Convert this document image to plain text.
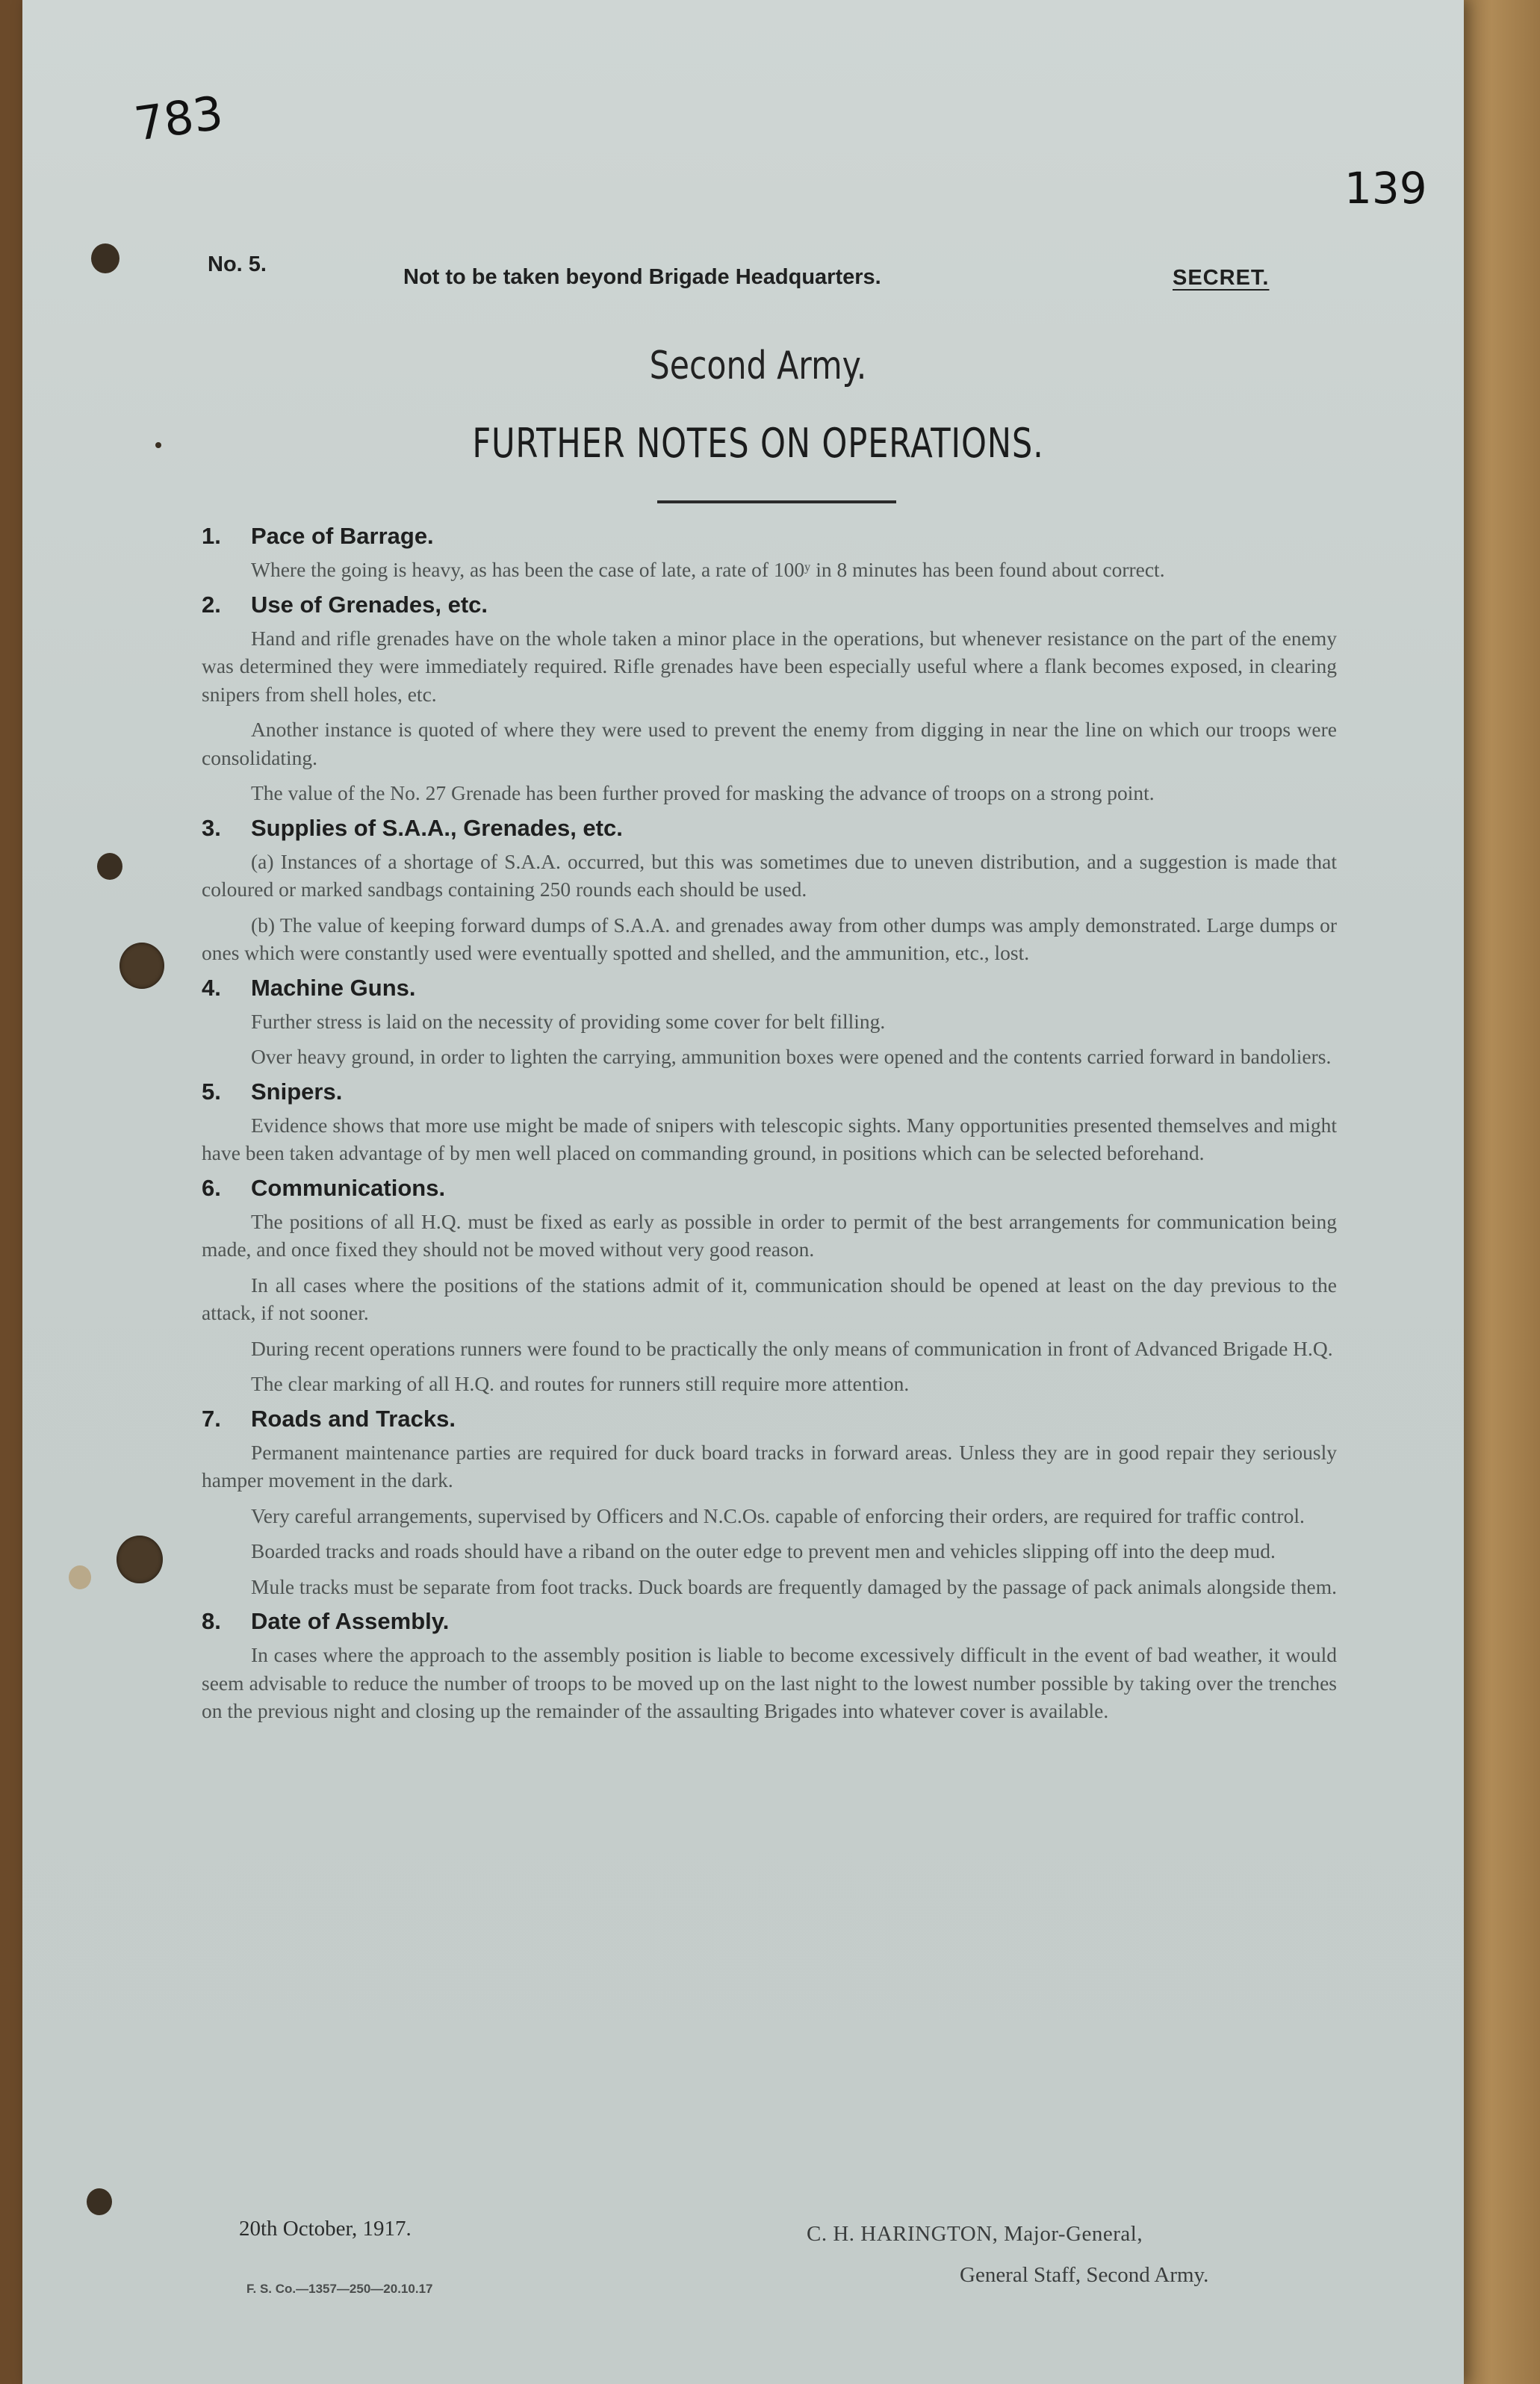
783
139
No. 5.
Not to be taken beyond Brigade Headquarters.	SECRET.
Second Army.
FURTHER NOTES ON OPERATIONS.
1.	Pace of Barrage.

Where the going is heavy, as has been the case of late, a rate of 100ʸ in 8 minutes has been found about correct.

2.	Use of Grenades, etc.

Hand and rifle grenades have on the whole taken a minor place in the operations, but whenever resistance on the part of the enemy was determined they were immediately required. Rifle grenades have been especially useful where a flank becomes exposed, in clearing snipers from shell holes, etc.

Another instance is quoted of where they were used to prevent the enemy from digging in near the line on which our troops were consolidating.

The value of the No. 27 Grenade has been further proved for masking the advance of troops on a strong point.

3.	Supplies of S.A.A., Grenades, etc.

(a) Instances of a shortage of S.A.A. occurred, but this was sometimes due to uneven distribution, and a suggestion is made that coloured or marked sandbags containing 250 rounds each should be used.

(b) The value of keeping forward dumps of S.A.A. and grenades away from other dumps was amply demonstrated. Large dumps or ones which were constantly used were eventually spotted and shelled, and the ammunition, etc., lost.

4.	Machine Guns.

Further stress is laid on the necessity of providing some cover for belt filling.

Over heavy ground, in order to lighten the carrying, ammunition boxes were opened and the contents carried forward in bandoliers.

5.	Snipers.

Evidence shows that more use might be made of snipers with telescopic sights. Many opportunities presented themselves and might have been taken advantage of by men well placed on commanding ground, in positions which can be selected beforehand.

6.	Communications.

The positions of all H.Q. must be fixed as early as possible in order to permit of the best arrangements for communication being made, and once fixed they should not be moved without very good reason.

In all cases where the positions of the stations admit of it, communication should be opened at least on the day previous to the attack, if not sooner.

During recent operations runners were found to be practically the only means of communication in front of Advanced Brigade H.Q.

The clear marking of all H.Q. and routes for runners still require more attention.

7.	Roads and Tracks.

Permanent maintenance parties are required for duck board tracks in forward areas. Unless they are in good repair they seriously hamper movement in the dark.

Very careful arrangements, supervised by Officers and N.C.Os. capable of enforcing their orders, are required for traffic control.

Boarded tracks and roads should have a riband on the outer edge to prevent men and vehicles slipping off into the deep mud.

Mule tracks must be separate from foot tracks. Duck boards are frequently damaged by the passage of pack animals alongside them.

8.	Date of Assembly.

In cases where the approach to the assembly position is liable to become excessively difficult in the event of bad weather, it would seem advisable to reduce the number of troops to be moved up on the last night to the lowest number possible by taking over the trenches on the previous night and closing up the remainder of the assaulting Brigades into whatever cover is available.

20th October, 1917.	C. H. HARINGTON, Major-General,
General Staff, Second Army.
F. S. Co.—1357—250—20.10.17
